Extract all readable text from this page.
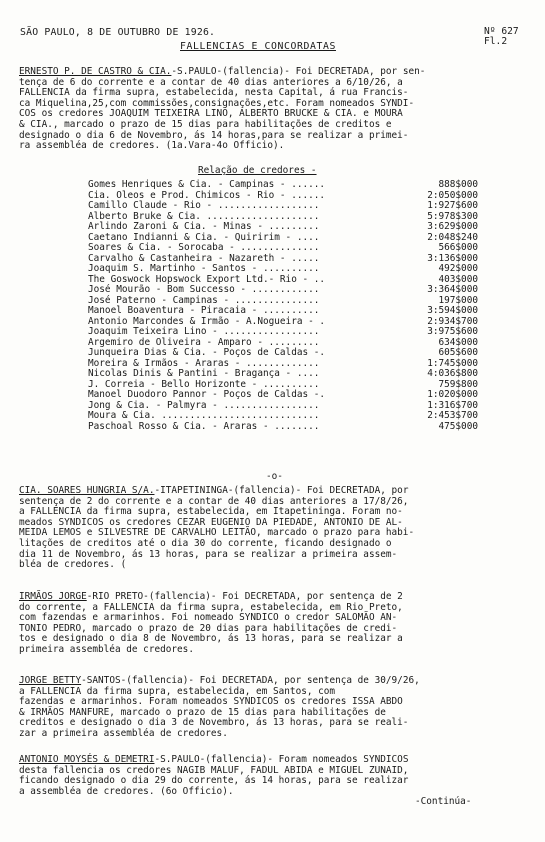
SÃO PAULO, 8 DE OUTUBRO DE 1926.	Nº 627
Fl.2
FALLENCIAS E CONCORDATAS

ERNESTO P. DE CASTRO & CIA.-S.PAULO-(fallencia)- Foi DECRETADA, por sen-

tença de 6 do corrente e a contar de 40 dias anteriores a 6/10/26, a

FALLENCIA da firma supra, estabelecida, nesta Capital, á rua Francis-

ca Miquelina,25,com commissões,consignações,etc. Foram nomeados SYNDI-

COS os credores JOAQUIM TEIXEIRA LINO, ALBERTO BRUCKE & CIA. e MOURA

& CIA., marcado o prazo de 15 dias para habilitações de creditos e

designado o dia 6 de Novembro, ás 14 horas,para se realizar a primei-

ra assembléa de credores. (1a.Vara-4o Officio).

Relação de credores -
Gomes Henriques & Cia. - Campinas - ......	888$000
Cia. Oleos e Prod. Chimicos - Rio - ......	2:050$000
Camillo Claude - Rio - ..................	1:927$600
Alberto Bruke & Cia. ....................	5:978$300
Arlindo Zaroni & Cia. - Minas - .........	3:629$000
Caetano Indianni & Cia. - Quiririm - ....	2:048$240
Soares & Cia. - Sorocaba - ..............	566$000
Carvalho & Castanheira - Nazareth - .....	3:136$000
Joaquim S. Martinho - Santos - ..........	492$000
The Goswock Hopswock Export Ltd.- Rio - ..	403$000
José Mourão - Bom Successo - ............	3:364$000
José Paterno - Campinas - ...............	197$000
Manoel Boaventura - Piracaia - ..........	3:594$000
Antonio Marcondes & Irmão - A.Nogueira - .	2:934$700
Joaquim Teixeira Lino - .................	3:975$600
Argemiro de Oliveira - Amparo - .........	634$000
Junqueira Dias & Cia. - Poços de Caldas -.	605$600
Moreira & Irmãos - Araras - .............	1:745$000
Nicolas Dinis & Pantini - Bragança - ....	4:036$800
J. Correia - Bello Horizonte - ..........	759$800
Manoel Duodoro Pannor - Poços de Caldas -.	1:020$000
Jong & Cia. - Palmyra - .................	1:316$700
Moura & Cia. ............................	2:453$700
Paschoal Rosso & Cia. - Araras - ........	475$000
-o-

CIA. SOARES HUNGRIA S/A.-ITAPETININGA-(fallencia)- Foi DECRETADA, por

sentença de 2 do corrente e a contar de 40 dias anteriores a 17/8/26,

a FALLENCIA da firma supra, estabelecida, em Itapetininga. Foram no-

meados SYNDICOS os credores CEZAR EUGENIO DA PIEDADE, ANTONIO DE AL-

MEIDA LEMOS e SILVESTRE DE CARVALHO LEITÃO, marcado o prazo para habi-

litações de creditos até o dia 30 do corrente, ficando designado o

dia 11 de Novembro, ás 13 horas, para se realizar a primeira assem-

bléa de credores. (

IRMÃOS JORGE-RIO PRETO-(fallencia)- Foi DECRETADA, por sentença de 2

do corrente, a FALLENCIA da firma supra, estabelecida, em Rio Preto,

com fazendas e armarinhos. Foi nomeado SYNDICO o credor SALOMÃO AN-

TONIO PEDRO, marcado o prazo de 20 dias para habilitações de credi-

tos e designado o dia 8 de Novembro, ás 13 horas, para se realizar a

primeira assembléa de credores.

JORGE BETTY-SANTOS-(fallencia)- Foi DECRETADA, por sentença de 30/9/26,

a FALLENCIA da firma supra, estabelecida, em Santos, com

fazendas e armarinhos. Foram nomeados SYNDICOS os credores ISSA ABDO

& IRMÃOS MANFURE, marcado o prazo de 15 dias para habilitações de

creditos e designado o dia 3 de Novembro, ás 13 horas, para se reali-

zar a primeira assembléa de credores.

ANTONIO MOYSÉS & DEMETRI-S.PAULO-(fallencia)- Foram nomeados SYNDICOS

desta fallencia os credores NAGIB MALUF, FADUL ABIDA e MIGUEL ZUNAID,

ficando designado o dia 29 do corrente, ás 14 horas, para se realizar

a assembléa de credores. (6o Officio).

-Continúa-
